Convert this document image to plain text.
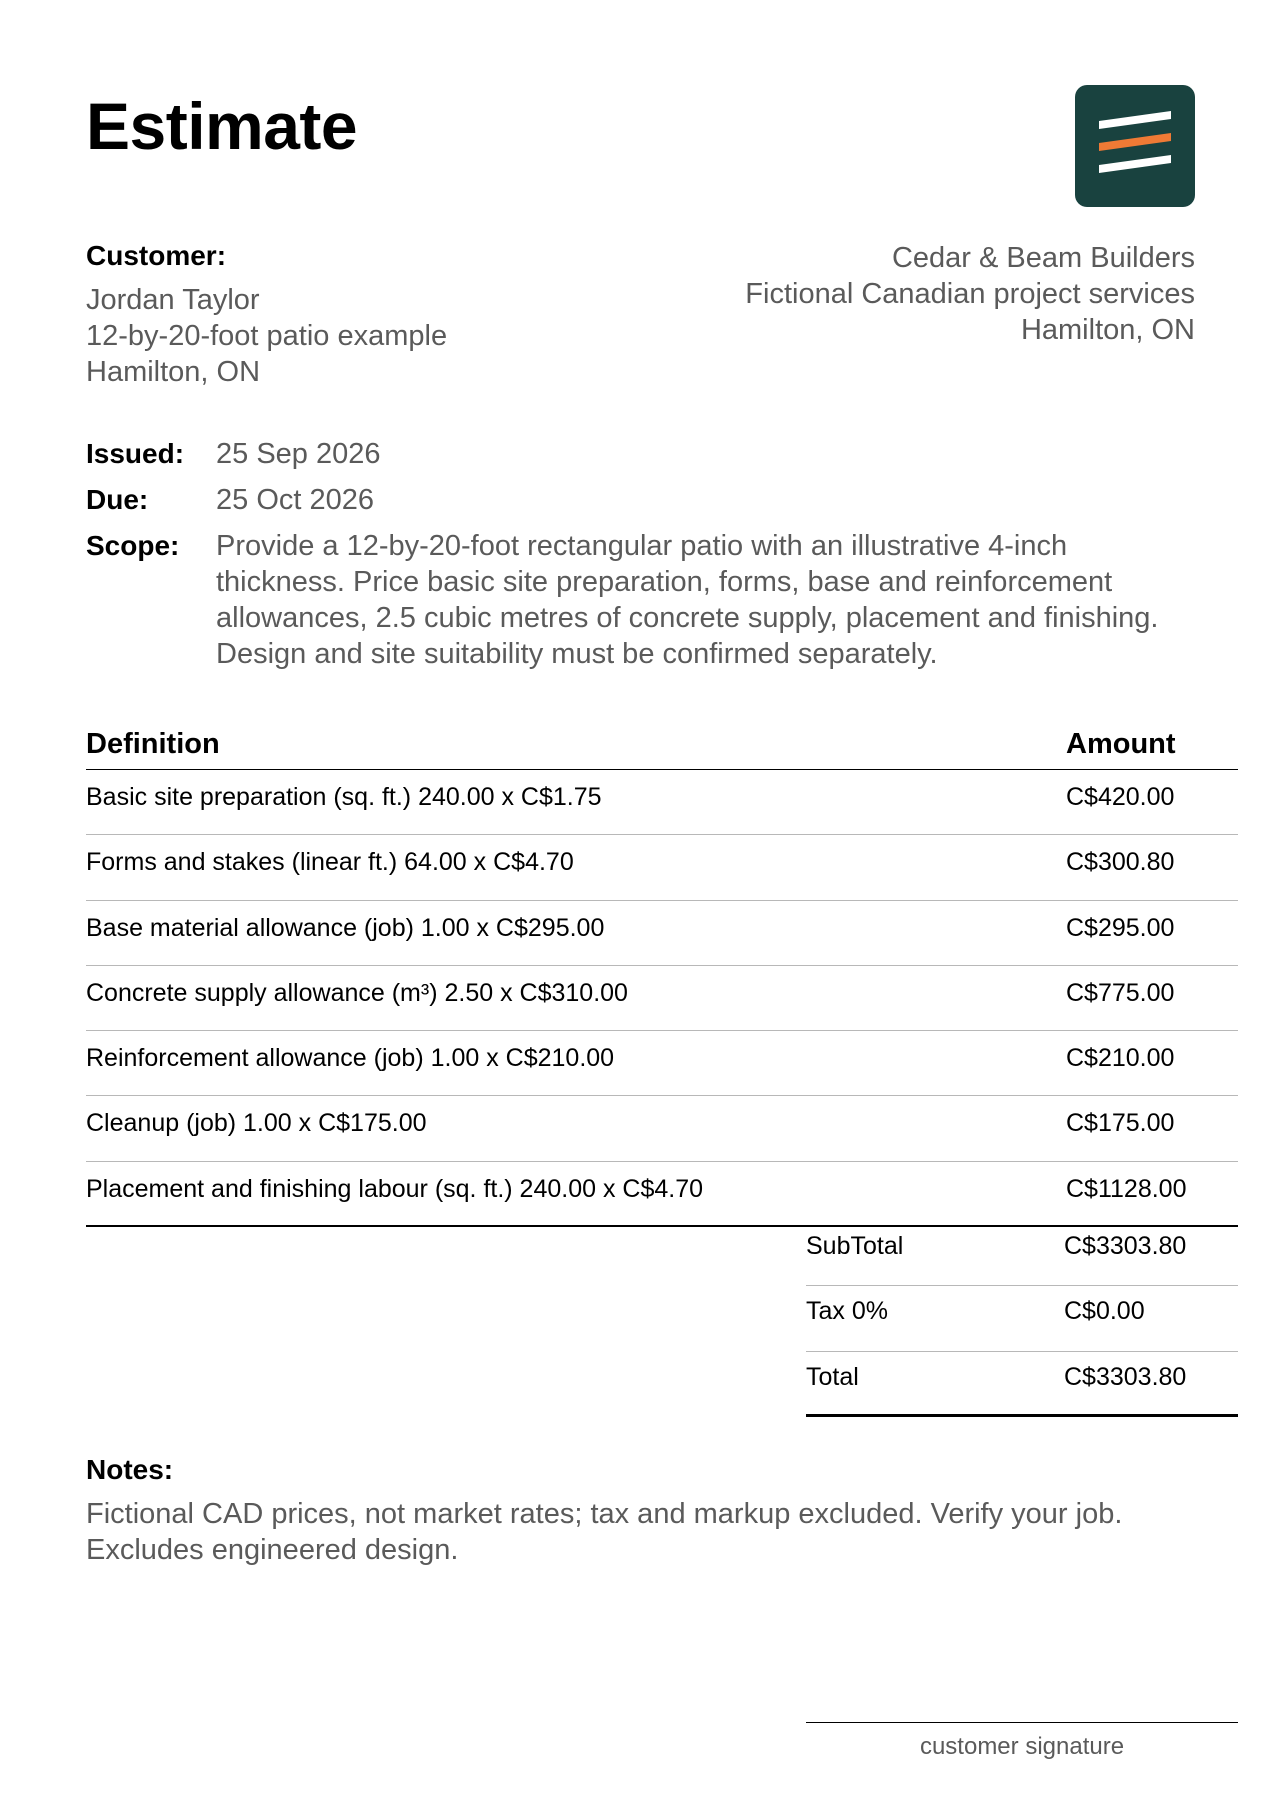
Estimate
Customer:
Jordan Taylor
12-by-20-foot patio example
Hamilton, ON
Cedar & Beam Builders
Fictional Canadian project services
Hamilton, ON
Issued:	25 Sep 2026
Due:	25 Oct 2026
Scope:	Provide a 12-by-20-foot rectangular patio with an illustrative 4-inch thickness. Price basic site preparation, forms, base and reinforcement allowances, 2.5 cubic metres of concrete supply, placement and finishing. Design and site suitability must be confirmed separately.
Definition	Amount
Basic site preparation (sq. ft.) 240.00 x C$1.75	C$420.00
Forms and stakes (linear ft.) 64.00 x C$4.70	C$300.80
Base material allowance (job) 1.00 x C$295.00	C$295.00
Concrete supply allowance (m³) 2.50 x C$310.00	C$775.00
Reinforcement allowance (job) 1.00 x C$210.00	C$210.00
Cleanup (job) 1.00 x C$175.00	C$175.00
Placement and finishing labour (sq. ft.) 240.00 x C$4.70	C$1128.00
SubTotal	C$3303.80
Tax 0%	C$0.00
Total	C$3303.80
Notes:
Fictional CAD prices, not market rates; tax and markup excluded. Verify your job. Excludes engineered design.
customer signature
